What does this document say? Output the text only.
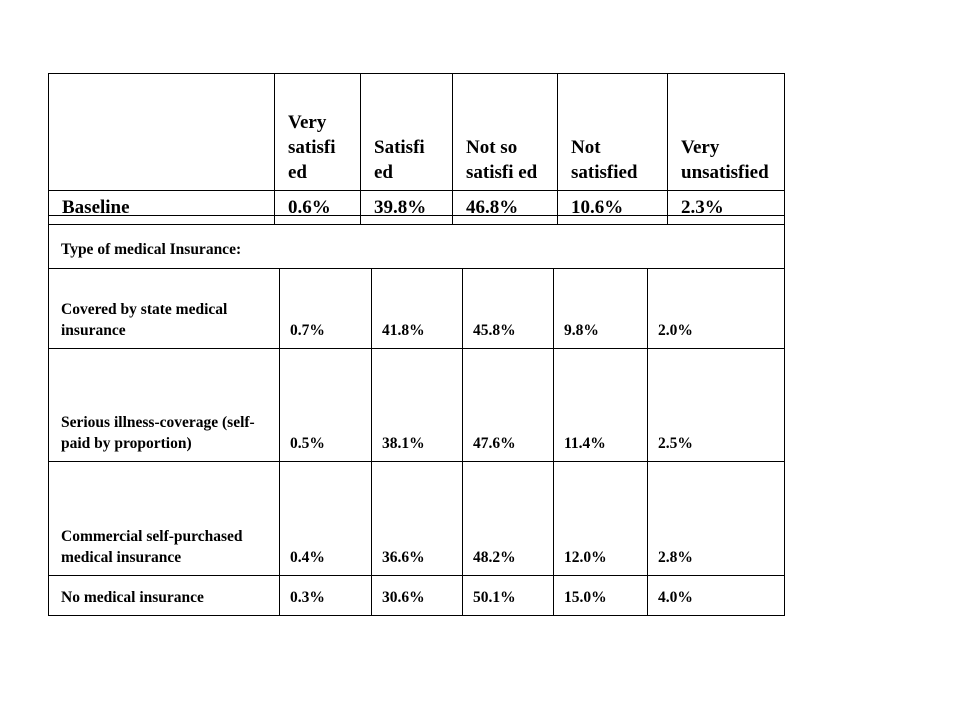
	Very satisfi ed	Satisfi ed	Not so satisfi ed	Not satisfied	Very unsatisfied
Baseline	0.6%	39.8%	46.8%	10.6%	2.3%
Type of medical Insurance:					
Covered by state medical insurance	0.7%	41.8%	45.8%	9.8%	2.0%
Serious illness-coverage (self-paid by proportion)	0.5%	38.1%	47.6%	11.4%	2.5%
Commercial self-purchased medical insurance	0.4%	36.6%	48.2%	12.0%	2.8%
No medical insurance	0.3%	30.6%	50.1%	15.0%	4.0%
